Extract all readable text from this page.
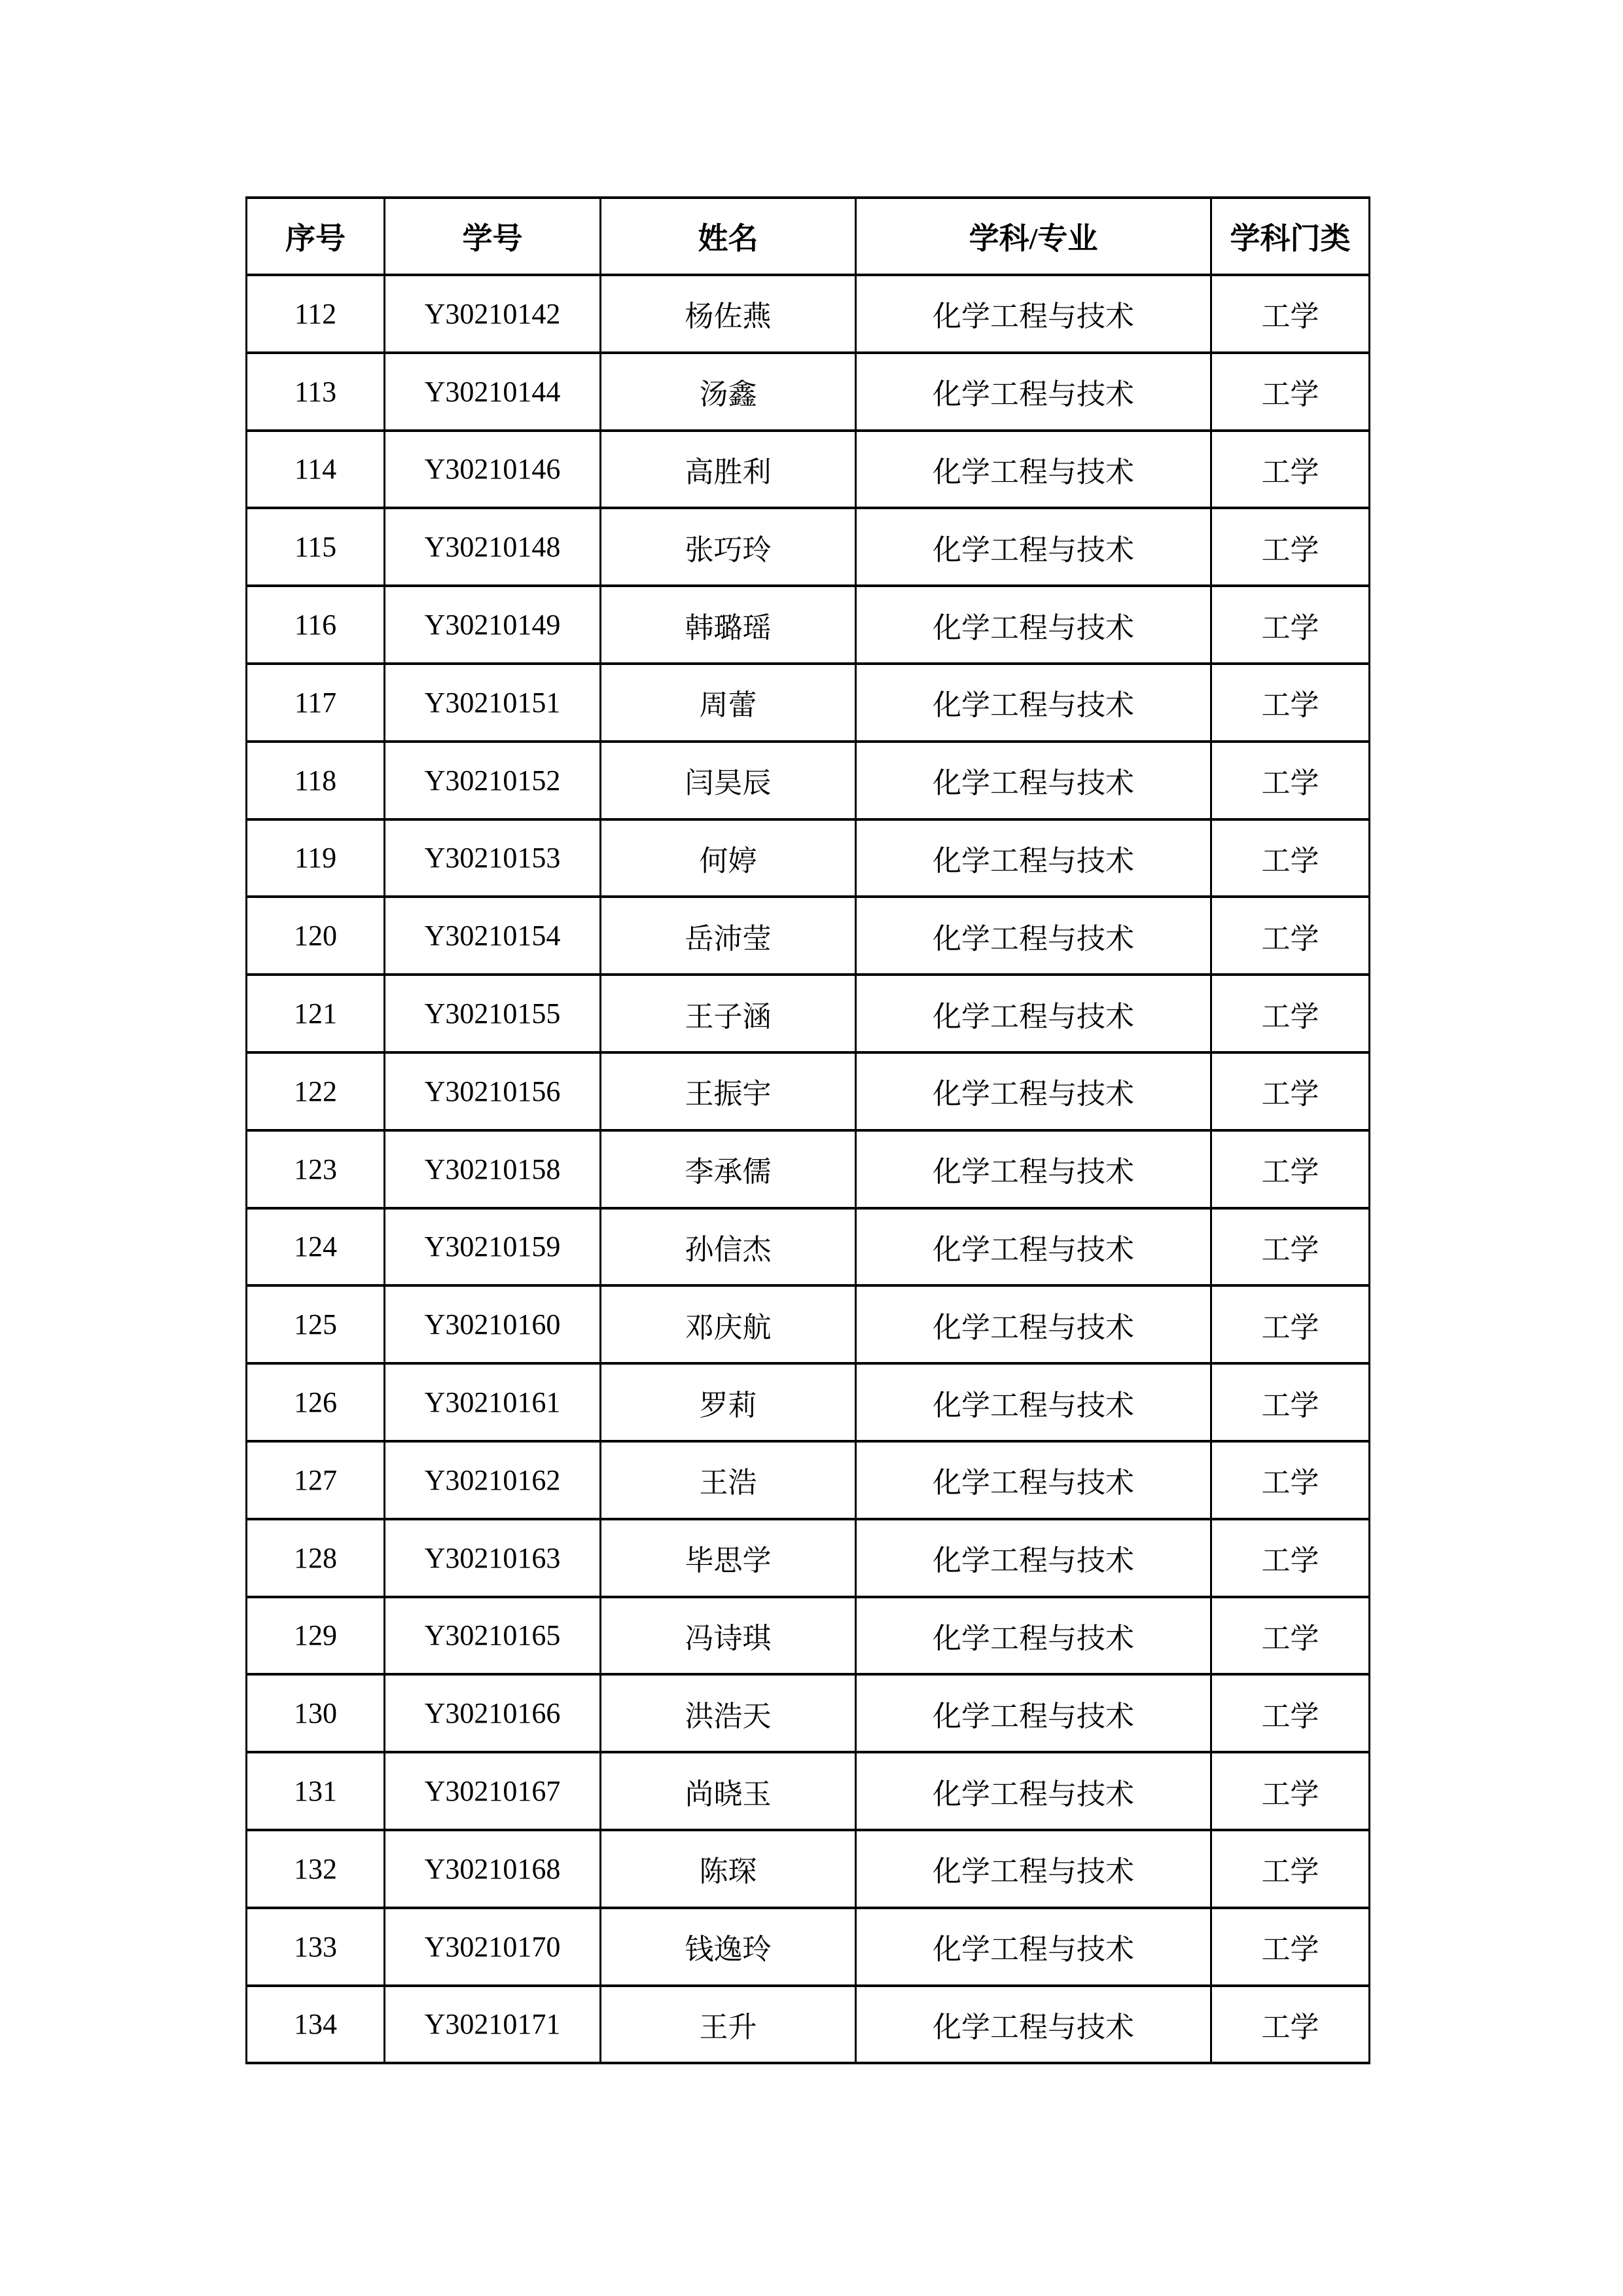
序号	学号	姓名	学科/专业	学科门类
112	Y30210142	杨佐燕	化学工程与技术	工学
113	Y30210144	汤鑫	化学工程与技术	工学
114	Y30210146	高胜利	化学工程与技术	工学
115	Y30210148	张巧玲	化学工程与技术	工学
116	Y30210149	韩璐瑶	化学工程与技术	工学
117	Y30210151	周蕾	化学工程与技术	工学
118	Y30210152	闫昊辰	化学工程与技术	工学
119	Y30210153	何婷	化学工程与技术	工学
120	Y30210154	岳沛莹	化学工程与技术	工学
121	Y30210155	王子涵	化学工程与技术	工学
122	Y30210156	王振宇	化学工程与技术	工学
123	Y30210158	李承儒	化学工程与技术	工学
124	Y30210159	孙信杰	化学工程与技术	工学
125	Y30210160	邓庆航	化学工程与技术	工学
126	Y30210161	罗莉	化学工程与技术	工学
127	Y30210162	王浩	化学工程与技术	工学
128	Y30210163	毕思学	化学工程与技术	工学
129	Y30210165	冯诗琪	化学工程与技术	工学
130	Y30210166	洪浩天	化学工程与技术	工学
131	Y30210167	尚晓玉	化学工程与技术	工学
132	Y30210168	陈琛	化学工程与技术	工学
133	Y30210170	钱逸玲	化学工程与技术	工学
134	Y30210171	王升	化学工程与技术	工学
